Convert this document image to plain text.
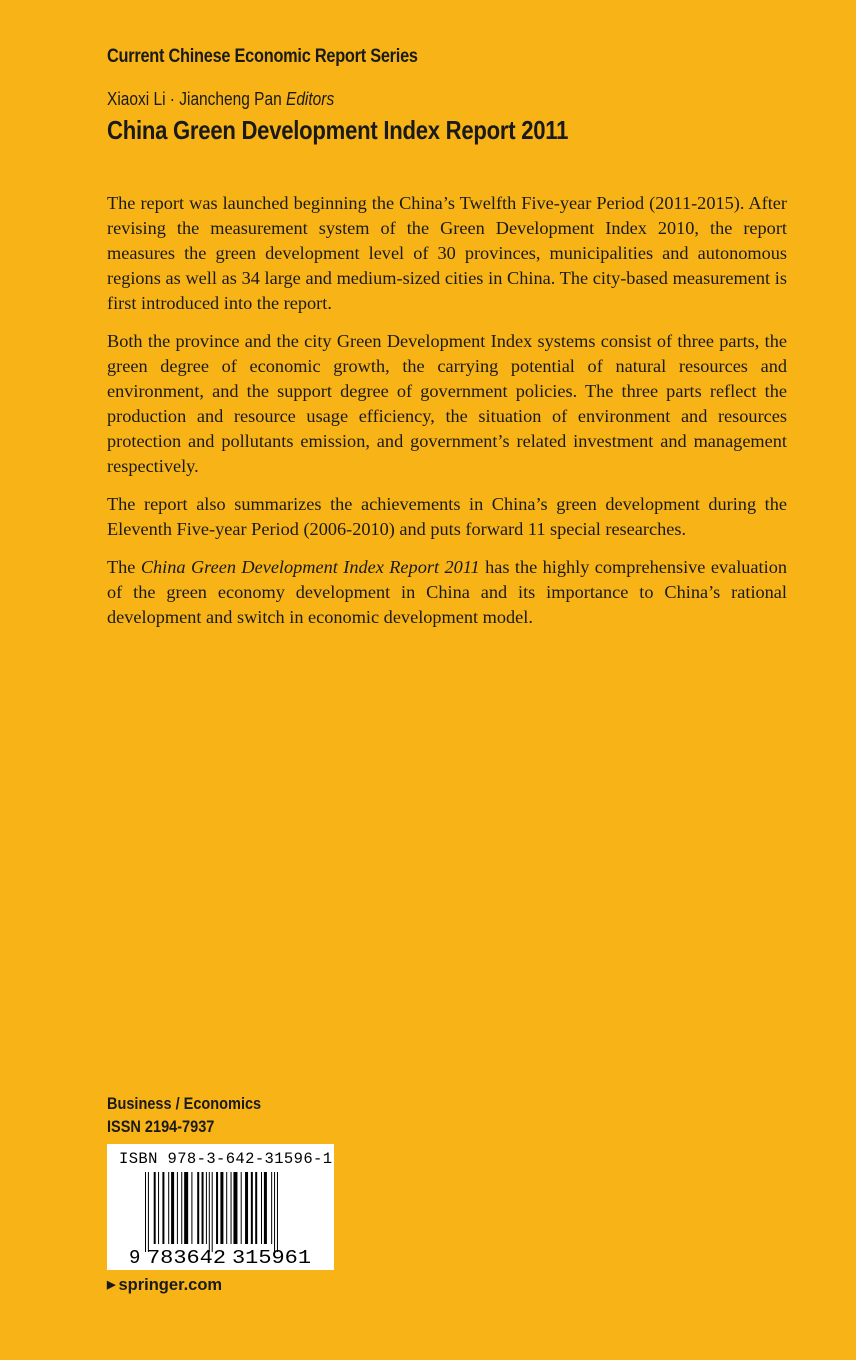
Current Chinese Economic Report Series
Xiaoxi Li · Jiancheng Pan Editors
China Green Development Index Report 2011

The report was launched beginning the China’s Twelfth Five-year Period (2011-2015). After revising the measurement system of the Green Development Index 2010, the report measures the green development level of 30 provinces, municipalities and autonomous regions as well as 34 large and medium-sized cities in China. The city-based measurement is first introduced into the report.

Both the province and the city Green Development Index systems consist of three parts, the green degree of economic growth, the carrying potential of natural resources and environment, and the support degree of government policies. The three parts reflect the production and resource usage efficiency, the situation of environment and resources protection and pollutants emission, and government’s related investment and management respectively.

The report also summarizes the achievements in China’s green development during the Eleventh Five-year Period (2006-2010) and puts forward 11 special researches.

The China Green Development Index Report 2011 has the highly comprehensive evaluation of the green economy development in China and its importance to China’s rational development and switch in economic development model.

Business / Economics
ISSN 2194-7937
ISBN 978-3-642-31596-1
9 783642 315961
▶ springer.com
